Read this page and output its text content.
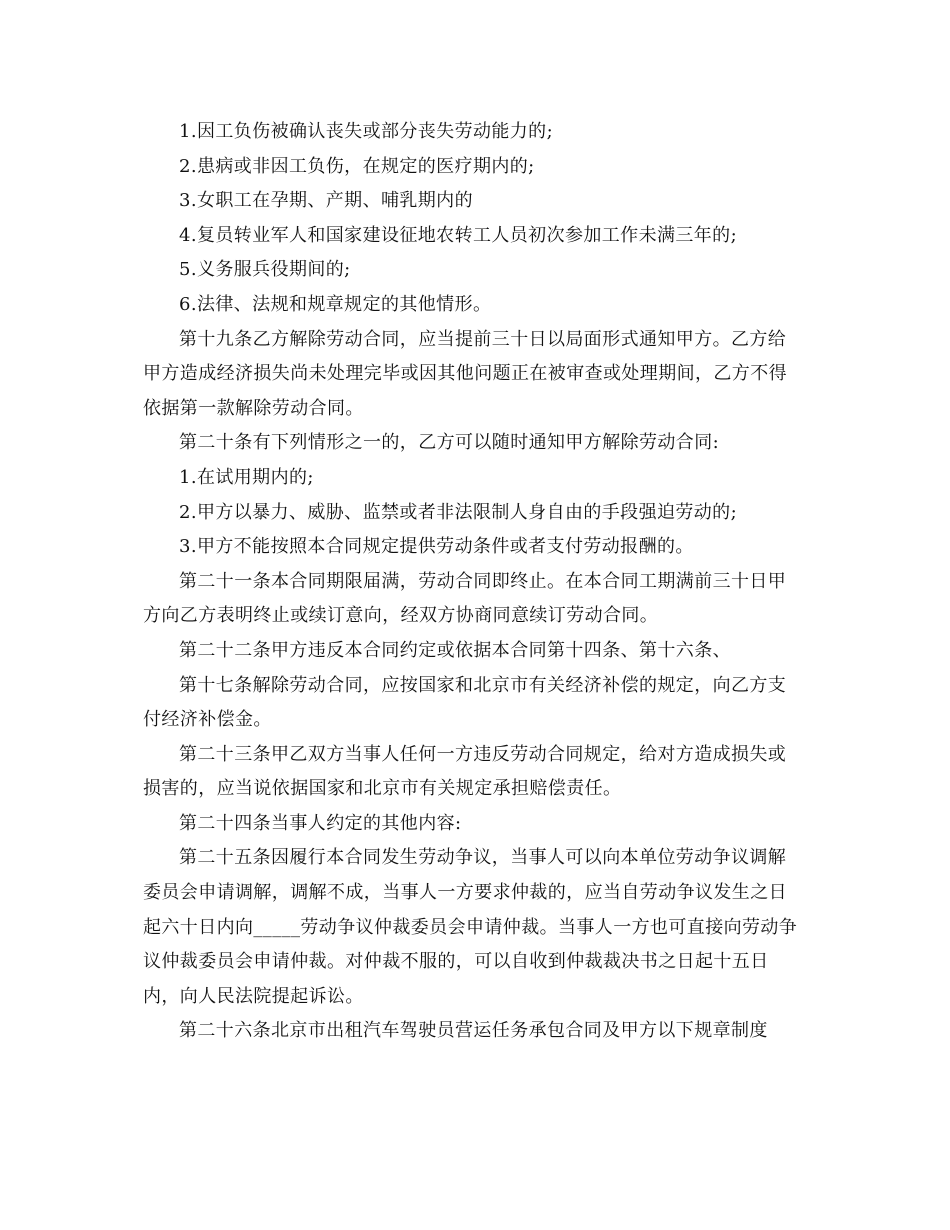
1.因工负伤被确认丧失或部分丧失劳动能力的;
2.患病或非因工负伤，在规定的医疗期内的;
3.女职工在孕期、产期、哺乳期内的
4.复员转业军人和国家建设征地农转工人员初次参加工作未满三年的;
5.义务服兵役期间的;
6.法律、法规和规章规定的其他情形。
第十九条乙方解除劳动合同，应当提前三十日以局面形式通知甲方。乙方给
甲方造成经济损失尚未处理完毕或因其他问题正在被审查或处理期间，乙方不得
依据第一款解除劳动合同。
第二十条有下列情形之一的，乙方可以随时通知甲方解除劳动合同:
1.在试用期内的;
2.甲方以暴力、威胁、监禁或者非法限制人身自由的手段强迫劳动的;
3.甲方不能按照本合同规定提供劳动条件或者支付劳动报酬的。
第二十一条本合同期限届满，劳动合同即终止。在本合同工期满前三十日甲
方向乙方表明终止或续订意向，经双方协商同意续订劳动合同。
第二十二条甲方违反本合同约定或依据本合同第十四条、第十六条、
第十七条解除劳动合同，应按国家和北京市有关经济补偿的规定，向乙方支
付经济补偿金。
第二十三条甲乙双方当事人任何一方违反劳动合同规定，给对方造成损失或
损害的，应当说依据国家和北京市有关规定承担赔偿责任。
第二十四条当事人约定的其他内容:
第二十五条因履行本合同发生劳动争议，当事人可以向本单位劳动争议调解
委员会申请调解，调解不成，当事人一方要求仲裁的，应当自劳动争议发生之日
起六十日内向_____劳动争议仲裁委员会申请仲裁。当事人一方也可直接向劳动争
议仲裁委员会申请仲裁。对仲裁不服的，可以自收到仲裁裁决书之日起十五日
内，向人民法院提起诉讼。
第二十六条北京市出租汽车驾驶员营运任务承包合同及甲方以下规章制度
